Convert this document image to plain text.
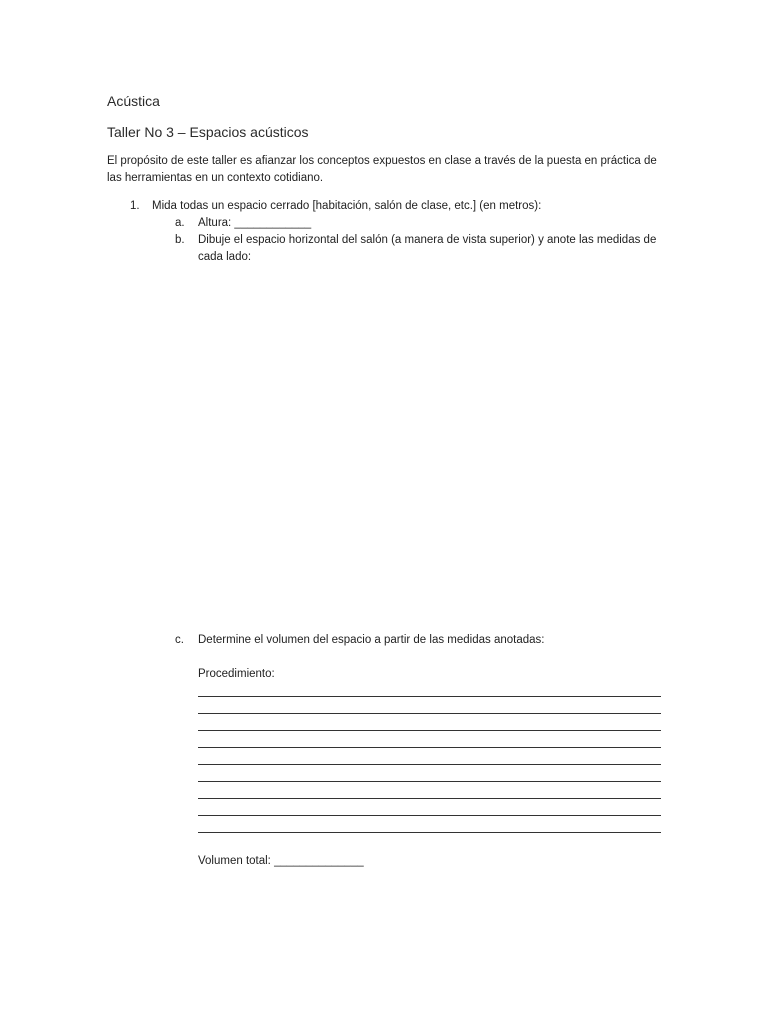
Acústica
Taller No 3 – Espacios acústicos
El propósito de este taller es afianzar los conceptos expuestos en clase a través de la puesta en práctica de las herramientas en un contexto cotidiano.
1. Mida todas un espacio cerrado [habitación, salón de clase, etc.] (en metros):
a. Altura: ____________
b. Dibuje el espacio horizontal del salón (a manera de vista superior) y anote las medidas de cada lado:
c. Determine el volumen del espacio a partir de las medidas anotadas:
Procedimiento:
Volumen total: ______________
